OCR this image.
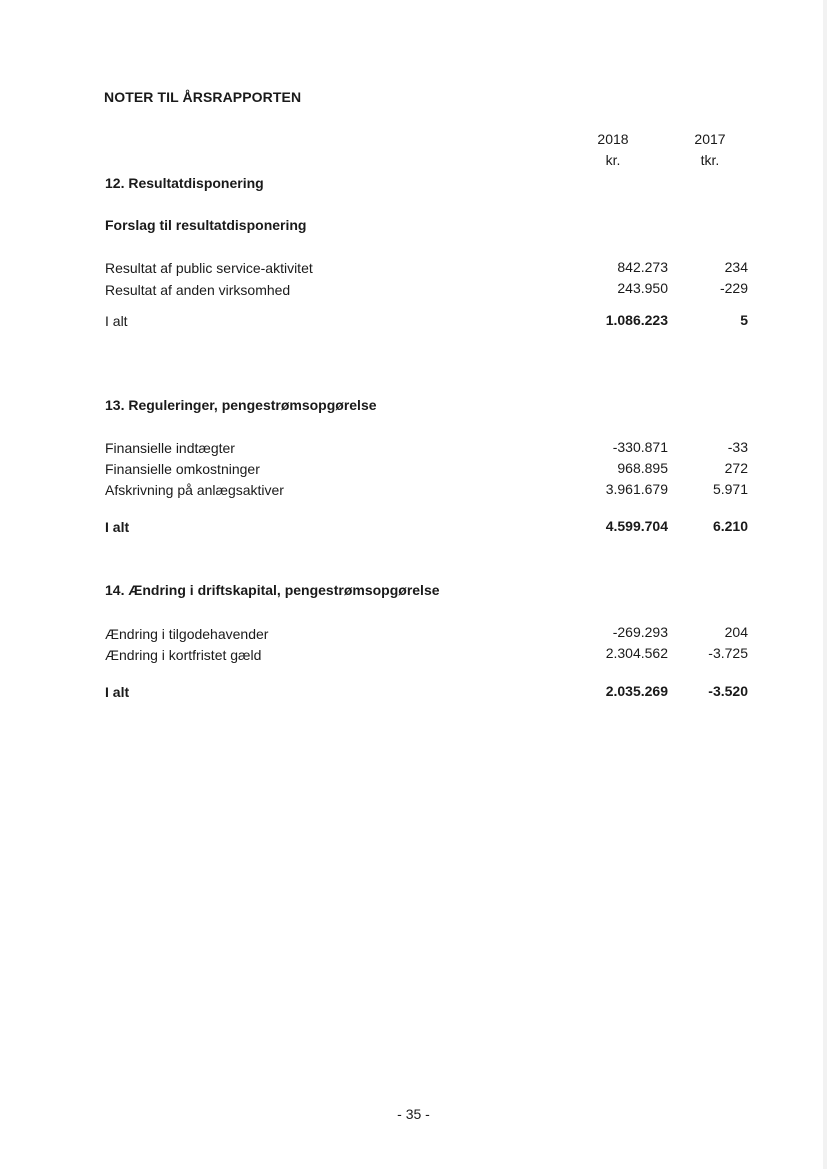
NOTER TIL ÅRSRAPPORTEN
2018
kr.
2017
tkr.
12. Resultatdisponering
Forslag til resultatdisponering
Resultat af public service-aktivitet	842.273	234
Resultat af anden virksomhed	243.950	-229
I alt	1.086.223	5
13. Reguleringer, pengestrømsopgørelse
Finansielle indtægter	-330.871	-33
Finansielle omkostninger	968.895	272
Afskrivning på anlægsaktiver	3.961.679	5.971
I alt	4.599.704	6.210
14. Ændring i driftskapital, pengestrømsopgørelse
Ændring i tilgodehavender	-269.293	204
Ændring i kortfristet gæld	2.304.562	-3.725
I alt	2.035.269	-3.520
- 35 -
